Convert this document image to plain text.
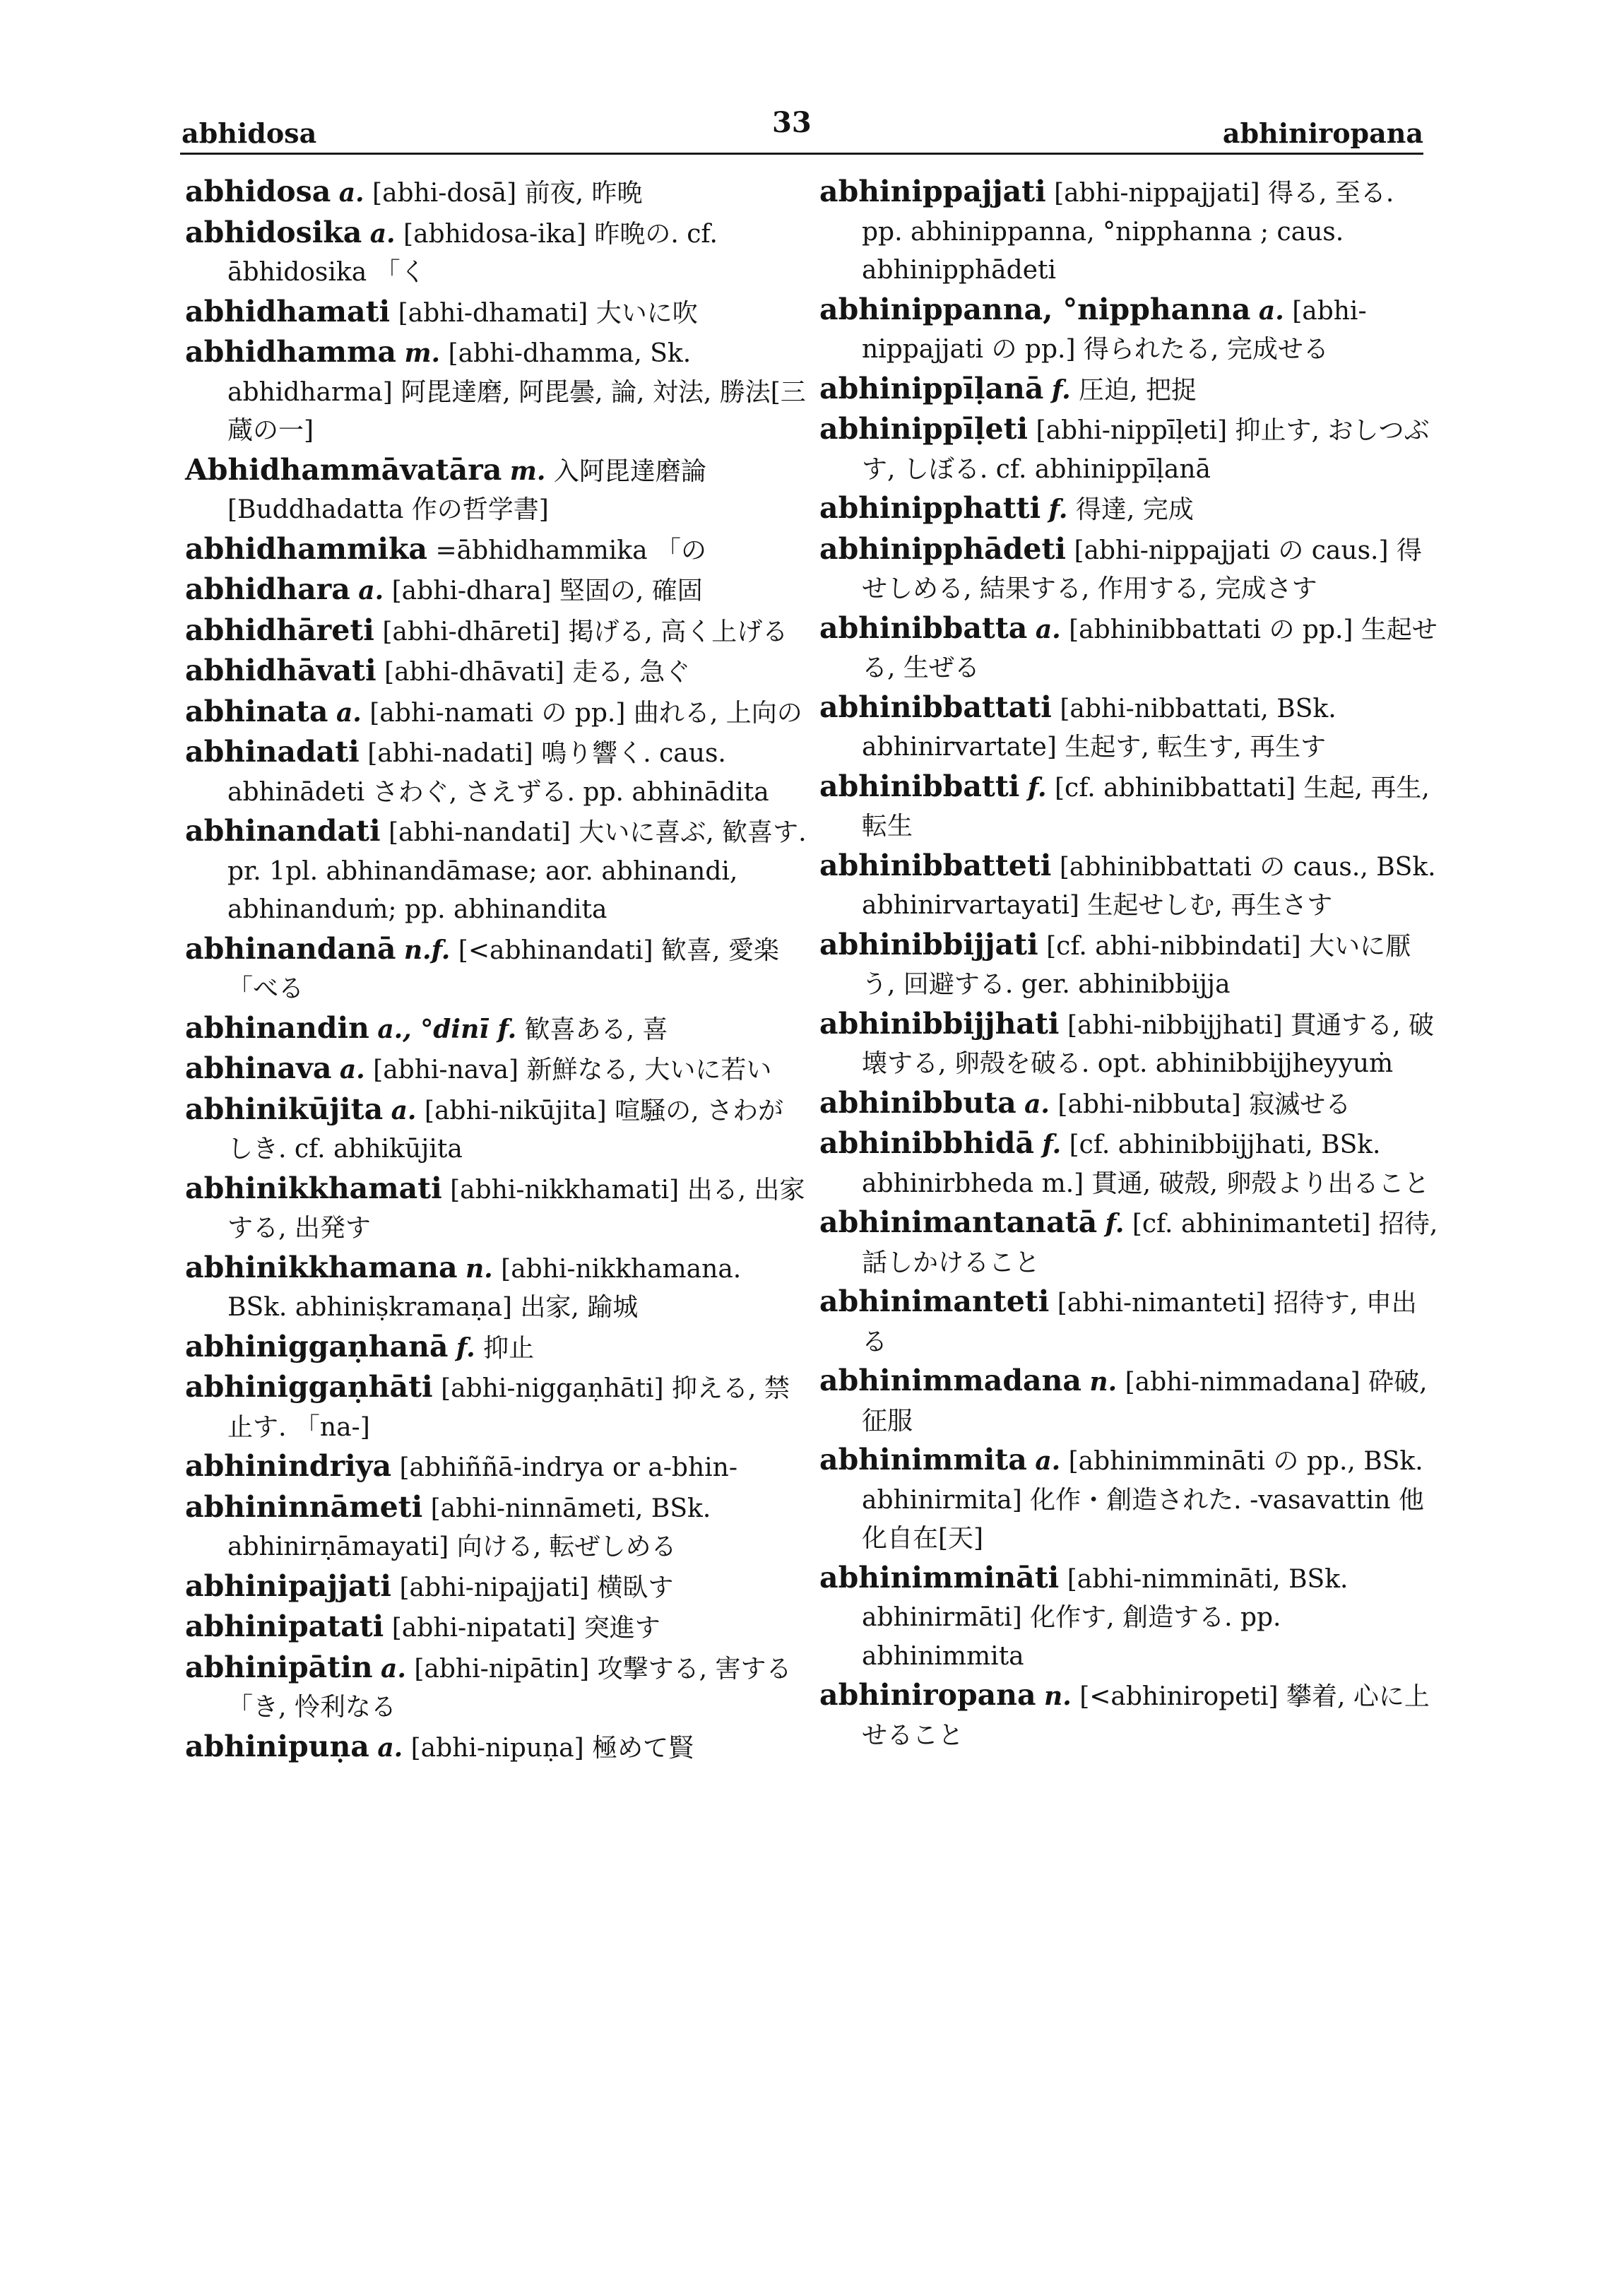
abhidosa	33	abhiniropana

abhidosa a. [abhi-dosā] 前夜, 昨晩

abhidosika a. [abhidosa-ika] 昨晩の. cf. ābhidosika 「く

abhidhamati [abhi-dhamati] 大いに吹

abhidhamma m. [abhi-dhamma, Sk. abhidharma] 阿毘達磨, 阿毘曇, 論, 対法, 勝法[三蔵の一]

Abhidhammāvatāra m. 入阿毘達磨論 [Buddhadatta 作の哲学書]

abhidhammika =ābhidhammika 「の

abhidhara a. [abhi-dhara] 堅固の, 確固

abhidhāreti [abhi-dhāreti] 掲げる, 高く上げる

abhidhāvati [abhi-dhāvati] 走る, 急ぐ

abhinata a. [abhi-namati の pp.] 曲れる, 上向の

abhinadati [abhi-nadati] 鳴り響く. caus. abhinādeti さわぐ, さえずる. pp. abhinādita

abhinandati [abhi-nandati] 大いに喜ぶ, 歓喜す. pr. 1pl. abhinandāmase; aor. abhinandi, abhinanduṁ; pp. abhinandita

abhinandanā n.f. [<abhinandati] 歓喜, 愛楽 「べる

abhinandin a., °dinī f. 歓喜ある, 喜

abhinava a. [abhi-nava] 新鮮なる, 大いに若い

abhinikūjita a. [abhi-nikūjita] 喧騒の, さわがしき. cf. abhikūjita

abhinikkhamati [abhi-nikkhamati] 出る, 出家する, 出発す

abhinikkhamana n. [abhi-nikkhamana. BSk. abhiniṣkramaṇa] 出家, 踰城

abhiniggaṇhanā f. 抑止

abhiniggaṇhāti [abhi-niggaṇhāti] 抑える, 禁止す. 「na-]

abhinindriya [abhiññā-indrya or a-bhin-

abhininnāmeti [abhi-ninnāmeti, BSk. abhinirṇāmayati] 向ける, 転ぜしめる

abhinipajjati [abhi-nipajjati] 横臥す

abhinipatati [abhi-nipatati] 突進す

abhinipātin a. [abhi-nipātin] 攻撃する, 害する 「き, 怜利なる

abhinipuṇa a. [abhi-nipuṇa] 極めて賢

abhinippajjati [abhi-nippajjati] 得る, 至る. pp. abhinippanna, °nipphanna ; caus. abhinipphādeti

abhinippanna, °nipphanna a. [abhi-nippajjati の pp.] 得られたる, 完成せる

abhinippīḷanā f. 圧迫, 把捉

abhinippīḷeti [abhi-nippīḷeti] 抑止す, おしつぶす, しぼる. cf. abhinippīḷanā

abhinipphatti f. 得達, 完成

abhinipphādeti [abhi-nippajjati の caus.] 得せしめる, 結果する, 作用する, 完成さす

abhinibbatta a. [abhinibbattati の pp.] 生起せる, 生ぜる

abhinibbattati [abhi-nibbattati, BSk. abhinirvartate] 生起す, 転生す, 再生す

abhinibbatti f. [cf. abhinibbattati] 生起, 再生, 転生

abhinibbatteti [abhinibbattati の caus., BSk. abhinirvartayati] 生起せしむ, 再生さす

abhinibbijjati [cf. abhi-nibbindati] 大いに厭う, 回避する. ger. abhinibbijja

abhinibbijjhati [abhi-nibbijjhati] 貫通する, 破壊する, 卵殻を破る. opt. abhinibbijjheyyuṁ

abhinibbuta a. [abhi-nibbuta] 寂滅せる

abhinibbhidā f. [cf. abhinibbijjhati, BSk. abhinirbheda m.] 貫通, 破殻, 卵殻より出ること

abhinimantanatā f. [cf. abhinimanteti] 招待, 話しかけること

abhinimanteti [abhi-nimanteti] 招待す, 申出る

abhinimmadana n. [abhi-nimmadana] 砕破, 征服

abhinimmita a. [abhinimmināti の pp., BSk. abhinirmita] 化作・創造された. -vasavattin 他化自在[天]

abhinimmināti [abhi-nimmināti, BSk. abhinirmāti] 化作す, 創造する. pp. abhinimmita

abhiniropana n. [<abhiniropeti] 攀着, 心に上せること
